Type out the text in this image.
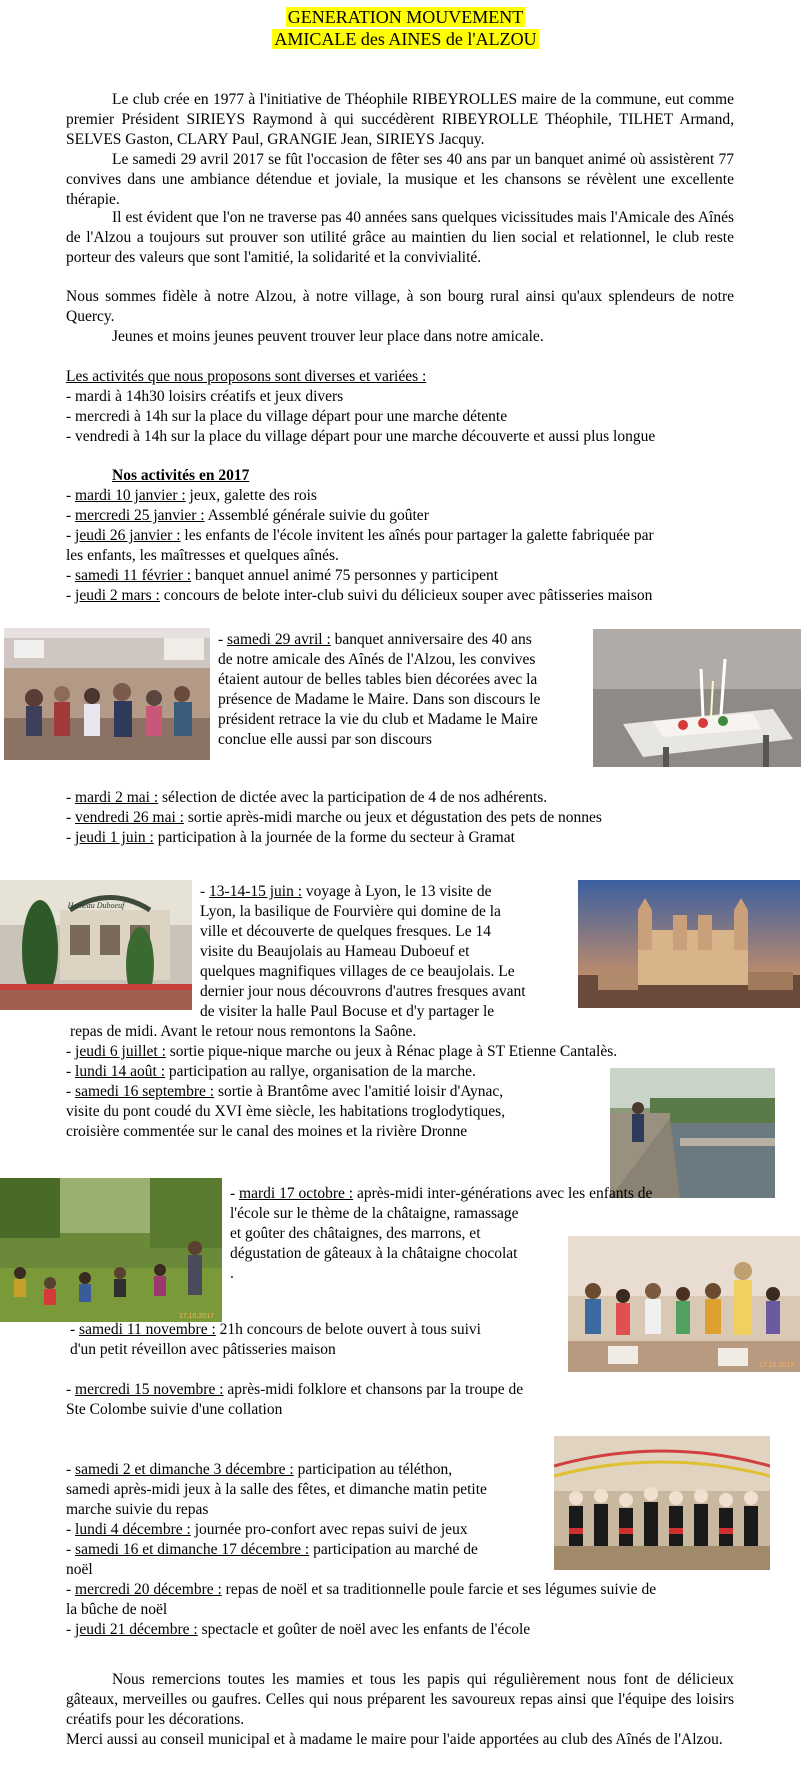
GENERATION MOUVEMENT
AMICALE des AINES de l'ALZOU
Le club crée en 1977 à l'initiative de Théophile RIBEYROLLES maire de la commune, eut comme premier Président SIRIEYS Raymond à qui succédèrent RIBEYROLLE Théophile, TILHET Armand, SELVES Gaston, CLARY Paul, GRANGIE Jean, SIRIEYS Jacquy.
Le samedi 29 avril 2017 se fût l'occasion de fêter ses 40 ans par un banquet animé où assistèrent 77 convives dans une ambiance détendue et joviale, la musique et les chansons se révèlent une excellente thérapie.
Il est évident que l'on ne traverse pas 40 années sans quelques vicissitudes mais l'Amicale des Aînés de l'Alzou a toujours sut prouver son utilité grâce au maintien du lien social et relationnel, le club reste porteur des valeurs que sont l'amitié, la solidarité et la convivialité.
Nous sommes fidèle à notre Alzou, à notre village, à son bourg rural ainsi qu'aux splendeurs de notre Quercy.
Jeunes et moins jeunes peuvent trouver leur place dans notre amicale.
Les activités que nous proposons sont diverses et variées :
- mardi à 14h30 loisirs créatifs et jeux divers
- mercredi à 14h sur la place du village départ pour une marche détente
- vendredi à 14h sur la place du village départ pour une marche découverte et aussi plus longue
Nos activités en 2017
- mardi 10 janvier : jeux, galette des rois
- mercredi 25 janvier : Assemblé générale suivie du goûter
- jeudi 26 janvier : les enfants de l'école invitent les aînés pour partager la galette fabriquée par
les enfants, les maîtresses et quelques aînés.
- samedi 11 février : banquet annuel animé 75 personnes y participent
- jeudi 2 mars : concours de belote inter-club suivi du délicieux souper avec pâtisseries maison
- samedi 29 avril : banquet anniversaire des 40 ans
de notre amicale des Aînés de l'Alzou, les convives
étaient autour de belles tables bien décorées avec la
présence de Madame le Maire. Dans son discours le
président retrace la vie du club et Madame le Maire
conclue elle aussi par son discours
- mardi 2 mai : sélection de dictée avec la participation de 4 de nos adhérents.
- vendredi 26 mai : sortie après-midi marche ou jeux et dégustation des pets de nonnes
- jeudi 1 juin : participation à la journée de la forme du secteur à Gramat
Hameau Duboeuf
- 13-14-15 juin : voyage à Lyon, le 13 visite de
Lyon, la basilique de Fourvière qui domine de la
ville et découverte de quelques fresques. Le 14
visite du Beaujolais au Hameau Duboeuf et
quelques magnifiques villages de ce beaujolais. Le
dernier jour nous découvrons d'autres fresques avant
de visiter la halle Paul Bocuse et d'y partager le
repas de midi. Avant le retour nous remontons la Saône.
- jeudi 6 juillet : sortie pique-nique marche ou jeux à Rénac plage à ST Etienne Cantalès.
- lundi 14 août : participation au rallye, organisation de la marche.
- samedi 16 septembre : sortie à Brantôme avec l'amitié loisir d'Aynac,
visite du pont coudé du XVI ème siècle, les habitations troglodytiques,
croisière commentée sur le canal des moines et la rivière Dronne
17.10.2017
- mardi 17 octobre : après-midi inter-générations avec les enfants de
l'école sur le thème de la châtaigne, ramassage
et goûter des châtaignes, des marrons, et
dégustation de gâteaux à la châtaigne chocolat
.
17 10 2017
- samedi 11 novembre : 21h concours de belote ouvert à tous suivi
d'un petit réveillon avec pâtisseries maison
- mercredi 15 novembre : après-midi folklore et chansons par la troupe de
Ste Colombe suivie d'une collation
- samedi 2 et dimanche 3 décembre : participation au téléthon,
samedi après-midi jeux à la salle des fêtes, et dimanche matin petite
marche suivie du repas
- lundi 4 décembre : journée pro-confort avec repas suivi de jeux
- samedi 16 et dimanche 17 décembre : participation au marché de
noël
- mercredi 20 décembre : repas de noël et sa traditionnelle poule farcie et ses légumes suivie de
la bûche de noël
- jeudi 21 décembre : spectacle et goûter de noël avec les enfants de l'école
Nous remercions toutes les mamies et tous les papis qui régulièrement nous font de délicieux gâteaux, merveilles ou gaufres. Celles qui nous préparent les savoureux repas ainsi que l'équipe des loisirs créatifs pour les décorations.
Merci aussi au conseil municipal et à madame le maire pour l'aide apportées au club des Aînés de l'Alzou.
